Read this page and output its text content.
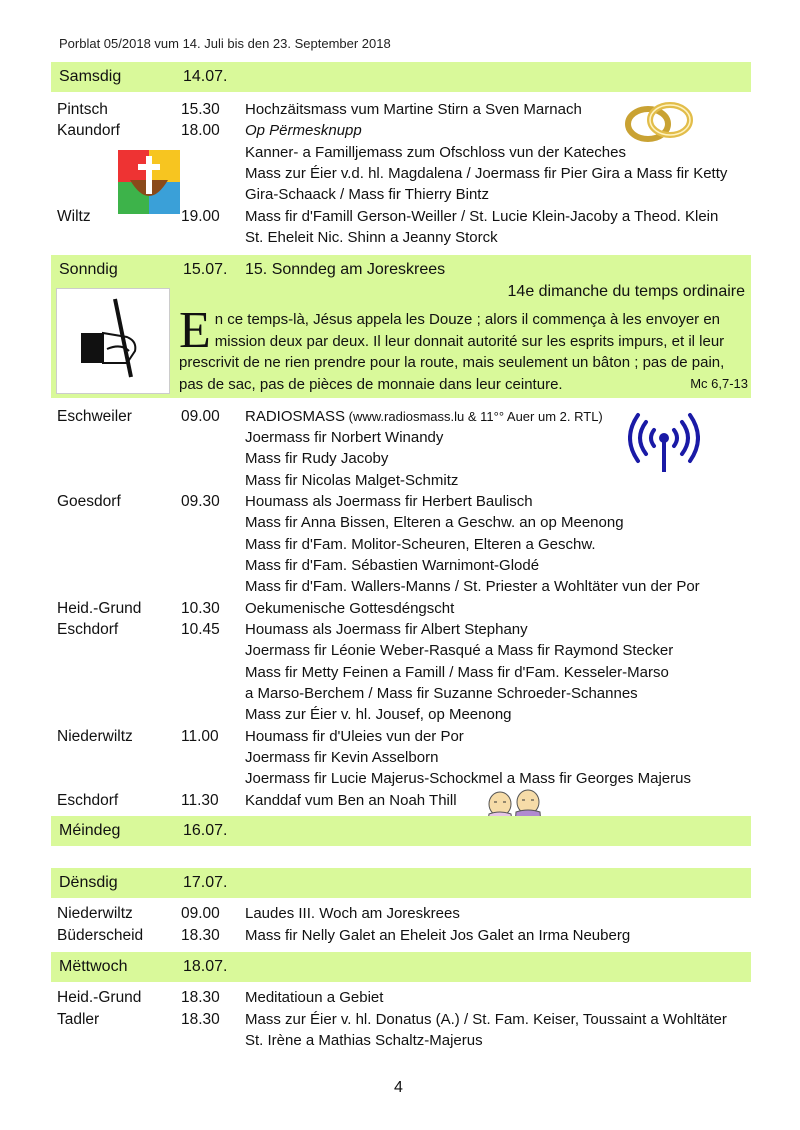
Porblat 05/2018 vum 14. Juli bis den 23. September 2018
Samsdig	14.07.
Pintsch	15.30 Hochzäitsmass vum Martine Stirn a Sven Marnach
Kaundorf	18.00 Op Përmesknupp
Kanner- a Familljemass zum Ofschloss vun der Kateches
Mass zur Éier v.d. hl. Magdalena / Joermass fir Pier Gira a Mass fir Ketty
Gira-Schaack / Mass fir Thierry Bintz
Wiltz	19.00 Mass fir d'Famill Gerson-Weiller / St. Lucie Klein-Jacoby a Theod. Klein
St. Eheleit Nic. Shinn a Jeanny Storck
Sonndig	15.07. 15. Sonndeg am Joreskrees
14e dimanche du temps ordinaire
En ce temps-là, Jésus appela les Douze ; alors il commença à les envoyer en mission deux par deux. Il leur donnait autorité sur les esprits impurs, et il leur prescrivit de ne rien prendre pour la route, mais seulement un bâton ; pas de pain, pas de sac, pas de pièces de monnaie dans leur ceinture.	Mc 6,7-13
Eschweiler	09.00 RADIOSMASS (www.radiosmass.lu & 11°° Auer um 2. RTL)
Joermass fir Norbert Winandy
Mass fir Rudy Jacoby
Mass fir Nicolas Malget-Schmitz
Goesdorf	09.30 Houmass als Joermass fir Herbert Baulisch
Mass fir Anna Bissen, Elteren a Geschw. an op Meenong
Mass fir d'Fam. Molitor-Scheuren, Elteren a Geschw.
Mass fir d'Fam. Sébastien Warnimont-Glodé
Mass fir d'Fam. Wallers-Manns / St. Priester a Wohltäter vun der Por
Heid.-Grund	10.30 Oekumenische Gottesdéngscht
Eschdorf	10.45 Houmass als Joermass fir Albert Stephany
Joermass fir Léonie Weber-Rasqué a Mass fir Raymond Stecker
Mass fir Metty Feinen a Famill / Mass fir d'Fam. Kesseler-Marso
a Marso-Berchem / Mass fir Suzanne Schroeder-Schannes
Mass zur Éier v. hl. Jousef, op Meenong
Niederwiltz	11.00 Houmass fir d'Uleies vun der Por
Joermass fir Kevin Asselborn
Joermass fir Lucie Majerus-Schockmel a Mass fir Georges Majerus
Eschdorf	11.30 Kanddaf vum Ben an Noah Thill
Méindeg	16.07.
Dënsdig	17.07.
Niederwiltz	09.00 Laudes III. Woch am Joreskrees
Büderscheid 18.30 Mass fir Nelly Galet an Eheleit Jos Galet an Irma Neuberg
Mëttwoch	18.07.
Heid.-Grund	18.30 Meditatioun a Gebiet
Tadler	18.30 Mass zur Éier v. hl. Donatus (A.) / St. Fam. Keiser, Toussaint a Wohltäter
St. Irène a Mathias Schaltz-Majerus
4
